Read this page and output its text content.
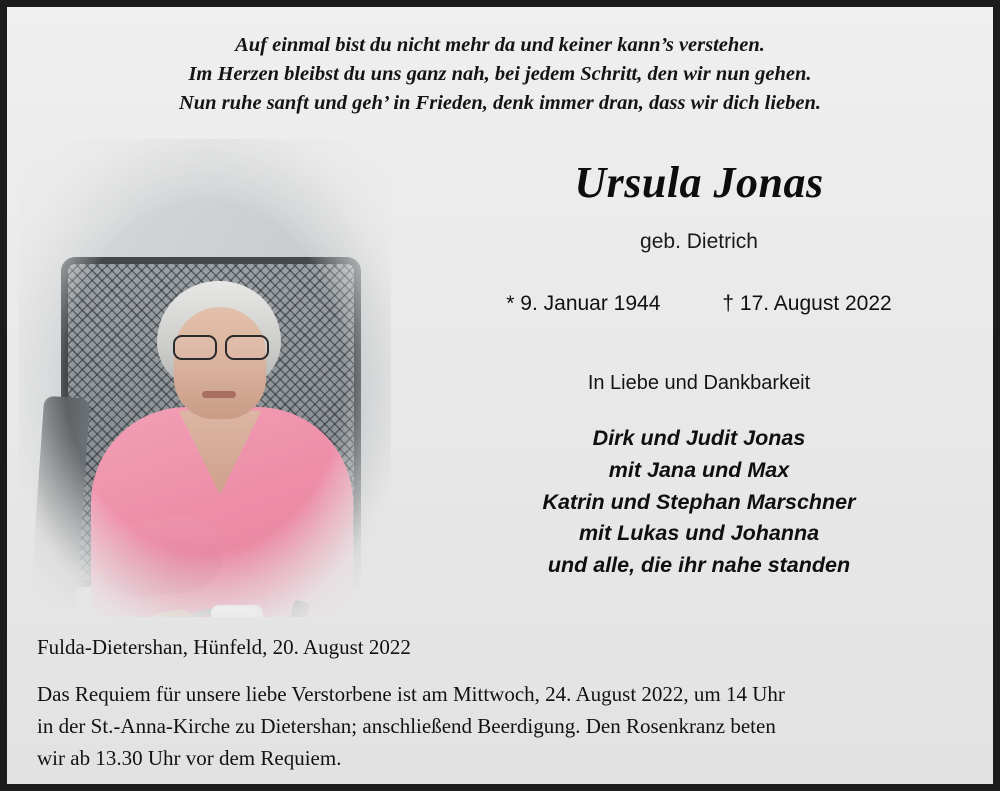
Auf einmal bist du nicht mehr da und keiner kann’s verstehen.
Im Herzen bleibst du uns ganz nah, bei jedem Schritt, den wir nun gehen.
Nun ruhe sanft und geh’ in Frieden, denk immer dran, dass wir dich lieben.
Ursula Jonas
geb. Dietrich
* 9. Januar 1944	† 17. August 2022
In Liebe und Dankbarkeit
Dirk und Judit Jonas
mit Jana und Max
Katrin und Stephan Marschner
mit Lukas und Johanna
und alle, die ihr nahe standen
Fulda-Dietershan, Hünfeld, 20. August 2022
Das Requiem für unsere liebe Verstorbene ist am Mittwoch, 24. August 2022, um 14 Uhr
in der St.-Anna-Kirche zu Dietershan; anschließend Beerdigung. Den Rosenkranz beten
wir ab 13.30 Uhr vor dem Requiem.
